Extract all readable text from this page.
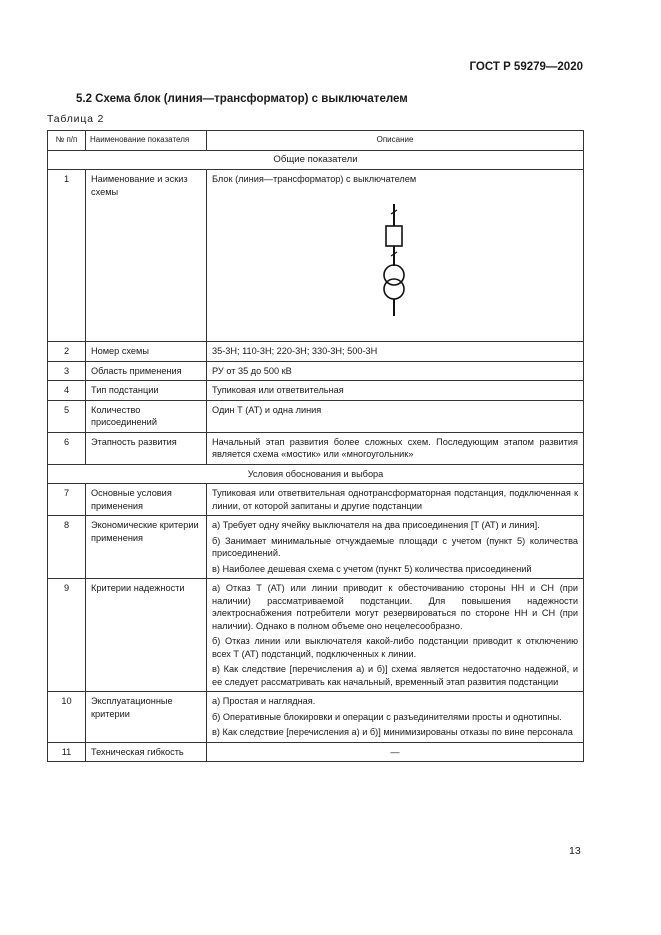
ГОСТ Р 59279—2020
5.2 Схема блок (линия—трансформатор) с выключателем
Таблица 2
№ п/п	Наименование показателя	Описание
Общие показатели		
1	Наименование и эскиз схемы	Блок (линия—трансформатор) с выключателем

2	Номер схемы	35-3Н; 110-3Н; 220-3Н; 330-3Н; 500-3Н
3	Область применения	РУ от 35 до 500 кВ
4	Тип подстанции	Тупиковая или ответвительная
5	Количество присоединений	Один Т (АТ) и одна линия
6	Этапность развития	Начальный этап развития более сложных схем. Последующим этапом развития является схема «мостик» или «многоугольник»
Условия обоснования и выбора		
7	Основные условия применения	Тупиковая или ответвительная однотрансформаторная подстанция, подключенная к линии, от которой запитаны и другие подстанции
8	Экономические критерии применения	а) Требует одну ячейку выключателя на два присоединения [Т (АТ) и линия].
б) Занимает минимальные отчуждаемые площади с учетом (пункт 5) количества присоединений.
в) Наиболее дешевая схема с учетом (пункт 5) количества присоединений

9	Критерии надежности	а) Отказ Т (АТ) или линии приводит к обесточиванию стороны НН и СН (при наличии) рассматриваемой подстанции. Для повышения надежности электроснабжения потребители могут резервироваться по стороне НН и СН (при наличии). Однако в полном объеме оно нецелесообразно.
б) Отказ линии или выключателя какой-либо подстанции приводит к отключению всех Т (АТ) подстанций, подключенных к линии.
в) Как следствие [перечисления а) и б)] схема является недостаточно надежной, и ее следует рассматривать как начальный, временный этап развития подстанции

10	Эксплуатационные критерии	а) Простая и наглядная.
б) Оперативные блокировки и операции с разъединителями просты и однотипны.
в) Как следствие [перечисления а) и б)] минимизированы отказы по вине персонала

11	Техническая гибкость	—
13
